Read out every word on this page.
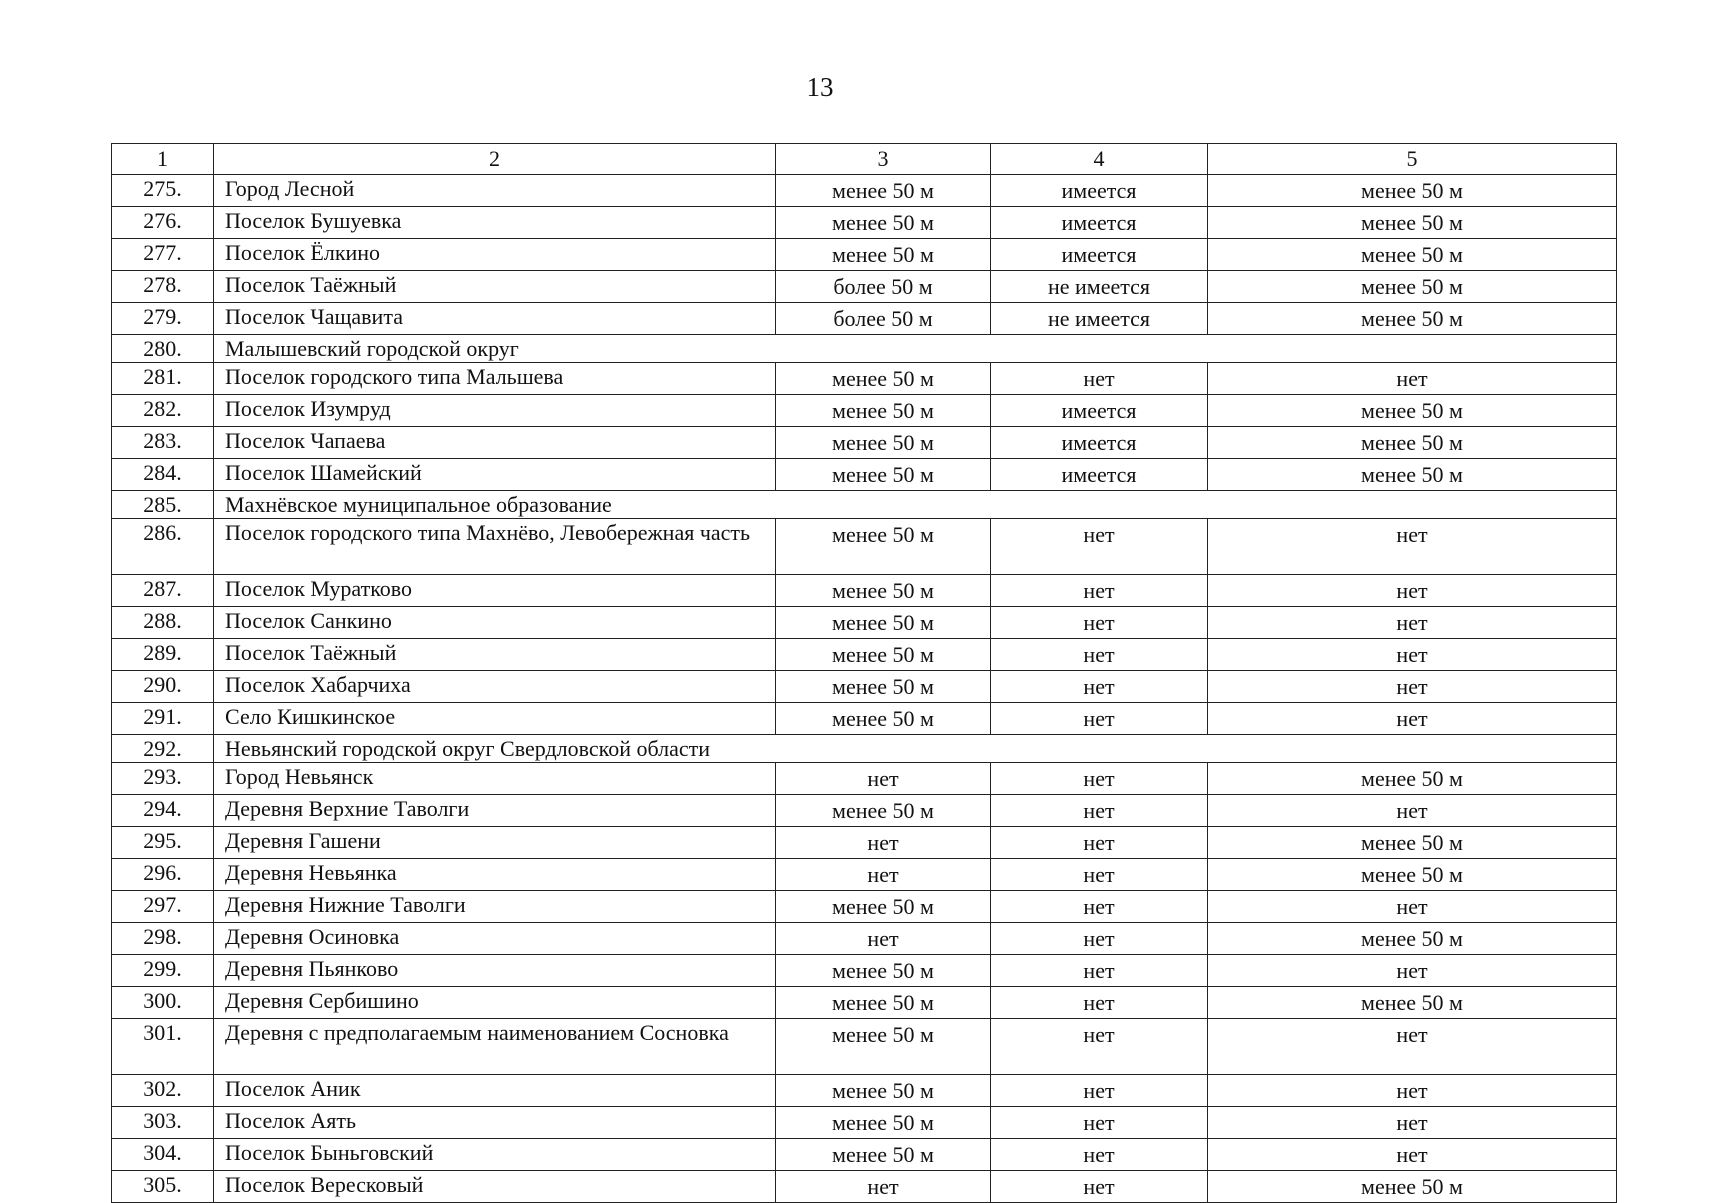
13
1	2	3	4	5
275.	Город Лесной	менее 50 м	имеется	менее 50 м
276.	Поселок Бушуевка	менее 50 м	имеется	менее 50 м
277.	Поселок Ёлкино	менее 50 м	имеется	менее 50 м
278.	Поселок Таёжный	более 50 м	не имеется	менее 50 м
279.	Поселок Чащавита	более 50 м	не имеется	менее 50 м
280.	Малышевский городской округ			
281.	Поселок городского типа Мальшева	менее 50 м	нет	нет
282.	Поселок Изумруд	менее 50 м	имеется	менее 50 м
283.	Поселок Чапаева	менее 50 м	имеется	менее 50 м
284.	Поселок Шамейский	менее 50 м	имеется	менее 50 м
285.	Махнёвское муниципальное образование			
286.	Поселок городского типа Махнёво, Левобережная часть	менее 50 м	нет	нет
287.	Поселок Муратково	менее 50 м	нет	нет
288.	Поселок Санкино	менее 50 м	нет	нет
289.	Поселок Таёжный	менее 50 м	нет	нет
290.	Поселок Хабарчиха	менее 50 м	нет	нет
291.	Село Кишкинское	менее 50 м	нет	нет
292.	Невьянский городской округ Свердловской области			
293.	Город Невьянск	нет	нет	менее 50 м
294.	Деревня Верхние Таволги	менее 50 м	нет	нет
295.	Деревня Гашени	нет	нет	менее 50 м
296.	Деревня Невьянка	нет	нет	менее 50 м
297.	Деревня Нижние Таволги	менее 50 м	нет	нет
298.	Деревня Осиновка	нет	нет	менее 50 м
299.	Деревня Пьянково	менее 50 м	нет	нет
300.	Деревня Сербишино	менее 50 м	нет	менее 50 м
301.	Деревня с предполагаемым наименованием Сосновка	менее 50 м	нет	нет
302.	Поселок Аник	менее 50 м	нет	нет
303.	Поселок Аять	менее 50 м	нет	нет
304.	Поселок Быньговский	менее 50 м	нет	нет
305.	Поселок Вересковый	нет	нет	менее 50 м
